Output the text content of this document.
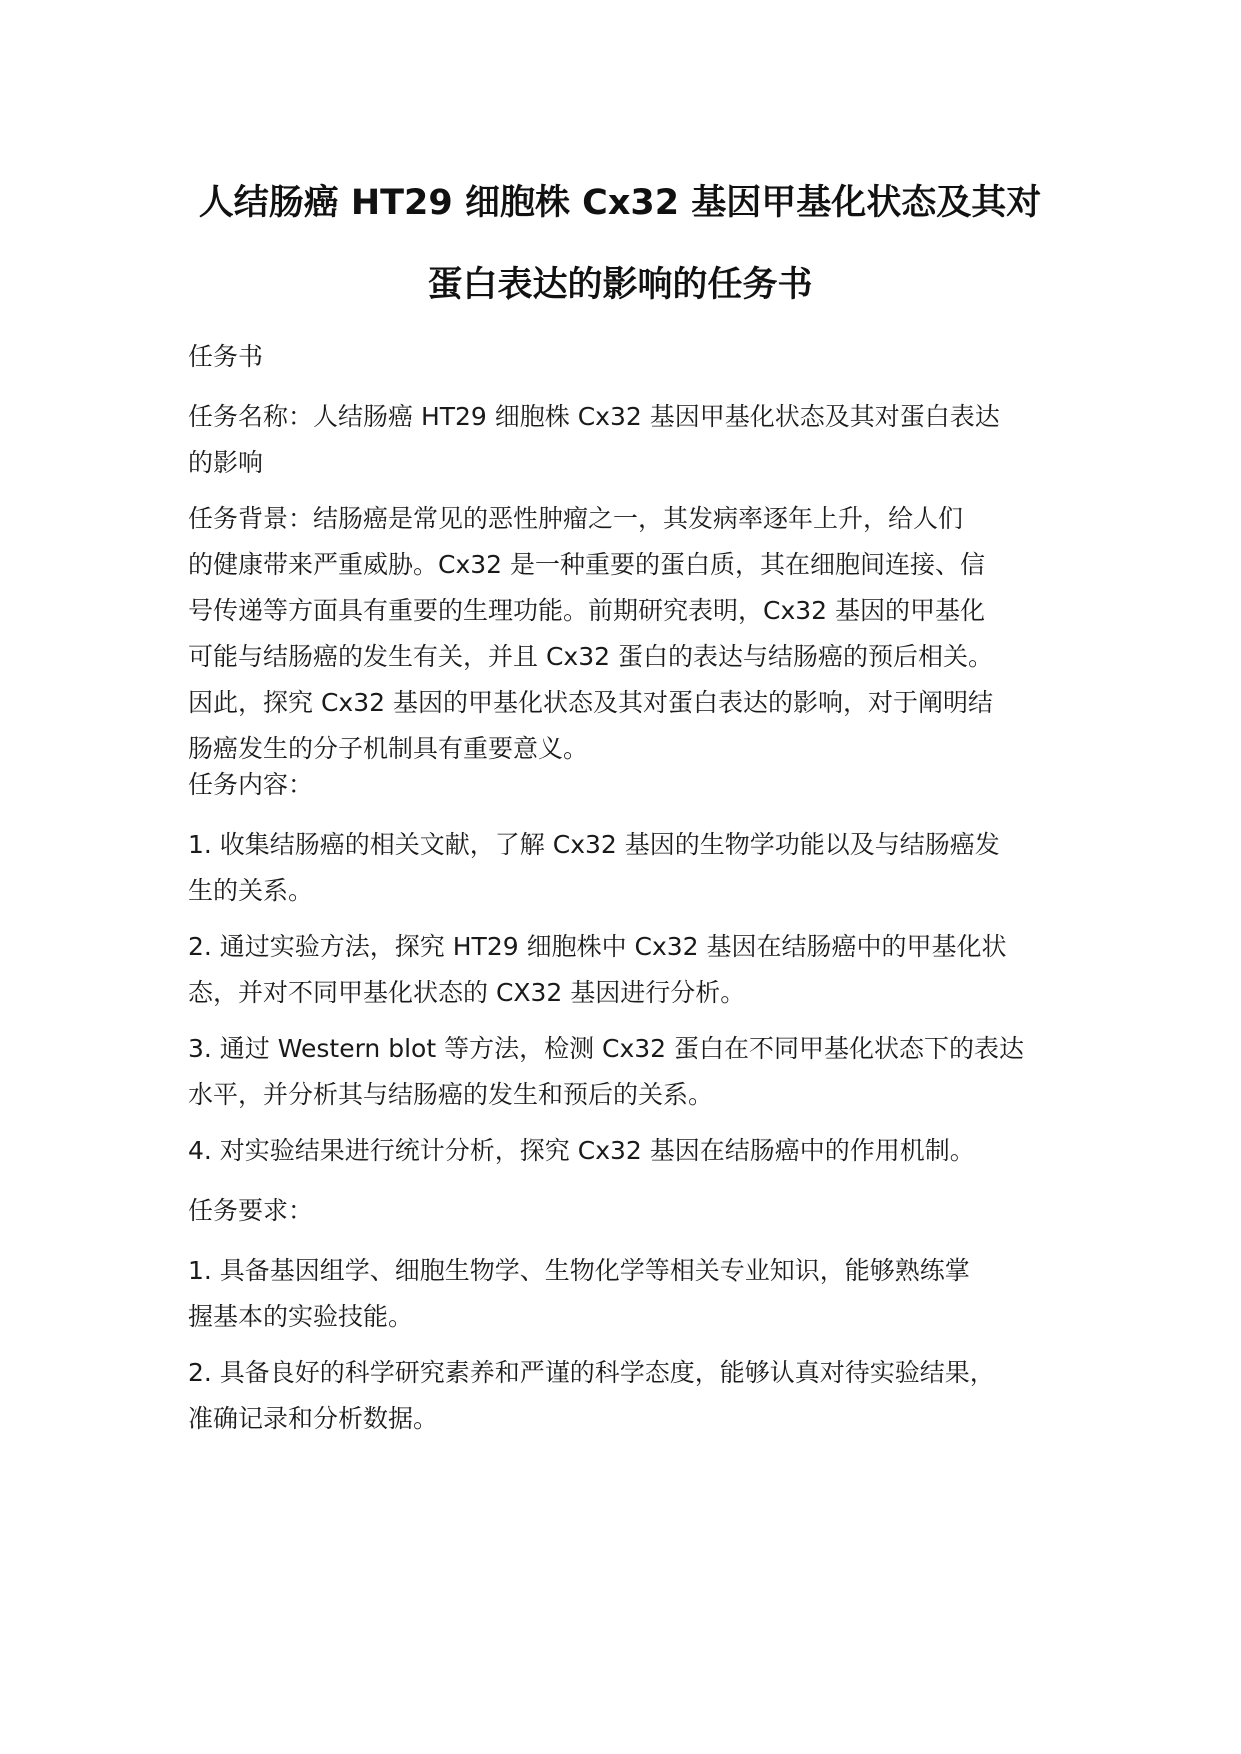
人结肠癌 HT29 细胞株 Cx32 基因甲基化状态及其对
蛋白表达的影响的任务书
任务书
任务名称：人结肠癌 HT29 细胞株 Cx32 基因甲基化状态及其对蛋白表达
的影响
任务背景：结肠癌是常见的恶性肿瘤之一，其发病率逐年上升，给人们
的健康带来严重威胁。Cx32 是一种重要的蛋白质，其在细胞间连接、信
号传递等方面具有重要的生理功能。前期研究表明，Cx32 基因的甲基化
可能与结肠癌的发生有关，并且 Cx32 蛋白的表达与结肠癌的预后相关。
因此，探究 Cx32 基因的甲基化状态及其对蛋白表达的影响，对于阐明结
肠癌发生的分子机制具有重要意义。
任务内容：
1. 收集结肠癌的相关文献，了解 Cx32 基因的生物学功能以及与结肠癌发
生的关系。
2. 通过实验方法，探究 HT29 细胞株中 Cx32 基因在结肠癌中的甲基化状
态，并对不同甲基化状态的 CX32 基因进行分析。
3. 通过 Western blot 等方法，检测 Cx32 蛋白在不同甲基化状态下的表达
水平，并分析其与结肠癌的发生和预后的关系。
4. 对实验结果进行统计分析，探究 Cx32 基因在结肠癌中的作用机制。
任务要求：
1. 具备基因组学、细胞生物学、生物化学等相关专业知识，能够熟练掌
握基本的实验技能。
2. 具备良好的科学研究素养和严谨的科学态度，能够认真对待实验结果，
准确记录和分析数据。
